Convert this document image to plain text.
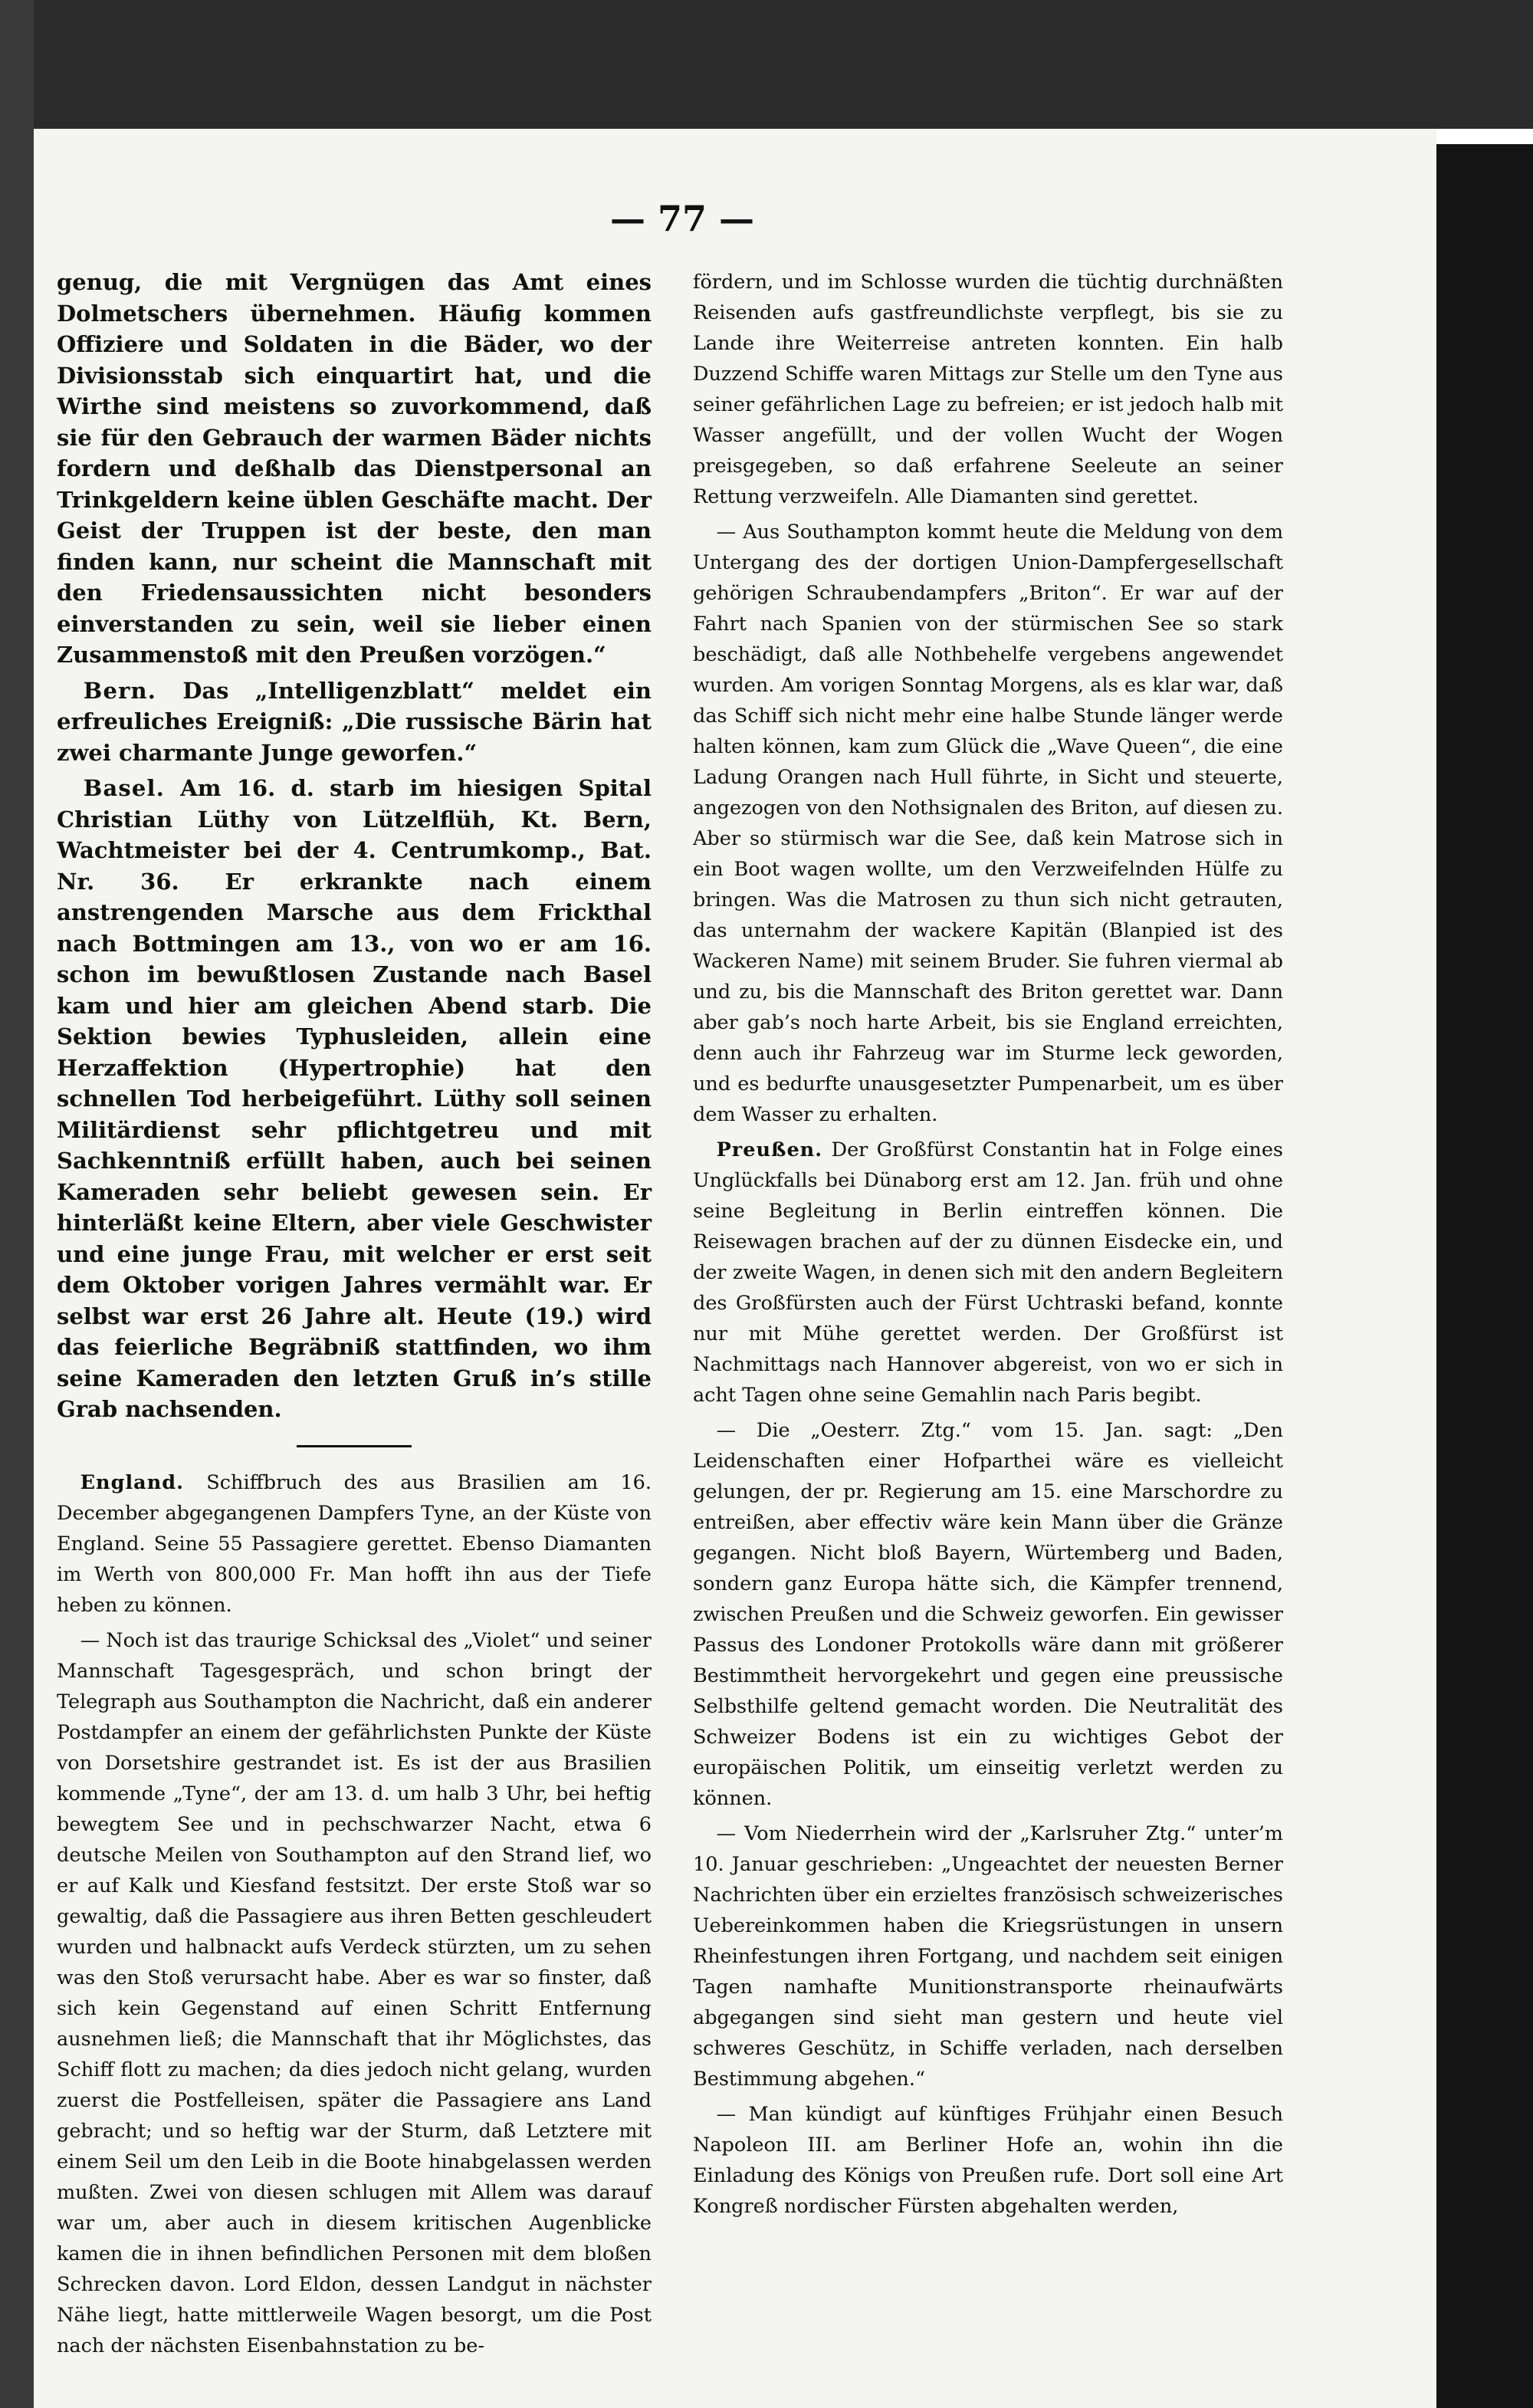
— 77 —

genug, die mit Vergnügen das Amt eines Dolmetschers übernehmen. Häufig kommen Offiziere und Soldaten in die Bäder, wo der Divisionsstab sich einquartirt hat, und die Wirthe sind meistens so zuvorkommend, daß sie für den Gebrauch der warmen Bäder nichts fordern und deßhalb das Dienstpersonal an Trinkgeldern keine üblen Geschäfte macht. Der Geist der Truppen ist der beste, den man finden kann, nur scheint die Mannschaft mit den Friedensaussichten nicht besonders einverstanden zu sein, weil sie lieber einen Zusammenstoß mit den Preußen vorzögen.“

Bern. Das „Intelligenzblatt“ meldet ein erfreuliches Ereigniß: „Die russische Bärin hat zwei charmante Junge geworfen.“

Basel. Am 16. d. starb im hiesigen Spital Christian Lüthy von Lützelflüh, Kt. Bern, Wachtmeister bei der 4. Centrumkomp., Bat. Nr. 36. Er erkrankte nach einem anstrengenden Marsche aus dem Frickthal nach Bottmingen am 13., von wo er am 16. schon im bewußtlosen Zustande nach Basel kam und hier am gleichen Abend starb. Die Sektion bewies Typhusleiden, allein eine Herzaffektion (Hypertrophie) hat den schnellen Tod herbeigeführt. Lüthy soll seinen Militärdienst sehr pflichtgetreu und mit Sachkenntniß erfüllt haben, auch bei seinen Kameraden sehr beliebt gewesen sein. Er hinterläßt keine Eltern, aber viele Geschwister und eine junge Frau, mit welcher er erst seit dem Oktober vorigen Jahres vermählt war. Er selbst war erst 26 Jahre alt. Heute (19.) wird das feierliche Begräbniß stattfinden, wo ihm seine Kameraden den letzten Gruß in’s stille Grab nachsenden.

England. Schiffbruch des aus Brasilien am 16. December abgegangenen Dampfers Tyne, an der Küste von England. Seine 55 Passagiere gerettet. Ebenso Diamanten im Werth von 800,000 Fr. Man hofft ihn aus der Tiefe heben zu können.

— Noch ist das traurige Schicksal des „Violet“ und seiner Mannschaft Tagesgespräch, und schon bringt der Telegraph aus Southampton die Nachricht, daß ein anderer Postdampfer an einem der gefährlichsten Punkte der Küste von Dorsetshire gestrandet ist. Es ist der aus Brasilien kommende „Tyne“, der am 13. d. um halb 3 Uhr, bei heftig bewegtem See und in pechschwarzer Nacht, etwa 6 deutsche Meilen von Southampton auf den Strand lief, wo er auf Kalk und Kiesfand festsitzt. Der erste Stoß war so gewaltig, daß die Passagiere aus ihren Betten geschleudert wurden und halbnackt aufs Verdeck stürzten, um zu sehen was den Stoß verursacht habe. Aber es war so finster, daß sich kein Gegenstand auf einen Schritt Entfernung ausnehmen ließ; die Mannschaft that ihr Möglichstes, das Schiff flott zu machen; da dies jedoch nicht gelang, wurden zuerst die Postfelleisen, später die Passagiere ans Land gebracht; und so heftig war der Sturm, daß Letztere mit einem Seil um den Leib in die Boote hinabgelassen werden mußten. Zwei von diesen schlugen mit Allem was darauf war um, aber auch in diesem kritischen Augenblicke kamen die in ihnen befindlichen Personen mit dem bloßen Schrecken davon. Lord Eldon, dessen Landgut in nächster Nähe liegt, hatte mittlerweile Wagen besorgt, um die Post nach der nächsten Eisenbahnstation zu be-

fördern, und im Schlosse wurden die tüchtig durchnäßten Reisenden aufs gastfreundlichste verpflegt, bis sie zu Lande ihre Weiterreise antreten konnten. Ein halb Duzzend Schiffe waren Mittags zur Stelle um den Tyne aus seiner gefährlichen Lage zu befreien; er ist jedoch halb mit Wasser angefüllt, und der vollen Wucht der Wogen preisgegeben, so daß erfahrene Seeleute an seiner Rettung verzweifeln. Alle Diamanten sind gerettet.

— Aus Southampton kommt heute die Meldung von dem Untergang des der dortigen Union-Dampfergesellschaft gehörigen Schraubendampfers „Briton“. Er war auf der Fahrt nach Spanien von der stürmischen See so stark beschädigt, daß alle Nothbehelfe vergebens angewendet wurden. Am vorigen Sonntag Morgens, als es klar war, daß das Schiff sich nicht mehr eine halbe Stunde länger werde halten können, kam zum Glück die „Wave Queen“, die eine Ladung Orangen nach Hull führte, in Sicht und steuerte, angezogen von den Nothsignalen des Briton, auf diesen zu. Aber so stürmisch war die See, daß kein Matrose sich in ein Boot wagen wollte, um den Verzweifelnden Hülfe zu bringen. Was die Matrosen zu thun sich nicht getrauten, das unternahm der wackere Kapitän (Blanpied ist des Wackeren Name) mit seinem Bruder. Sie fuhren viermal ab und zu, bis die Mannschaft des Briton gerettet war. Dann aber gab’s noch harte Arbeit, bis sie England erreichten, denn auch ihr Fahrzeug war im Sturme leck geworden, und es bedurfte unausgesetzter Pumpenarbeit, um es über dem Wasser zu erhalten.

Preußen. Der Großfürst Constantin hat in Folge eines Unglückfalls bei Dünaborg erst am 12. Jan. früh und ohne seine Begleitung in Berlin eintreffen können. Die Reisewagen brachen auf der zu dünnen Eisdecke ein, und der zweite Wagen, in denen sich mit den andern Begleitern des Großfürsten auch der Fürst Uchtraski befand, konnte nur mit Mühe gerettet werden. Der Großfürst ist Nachmittags nach Hannover abgereist, von wo er sich in acht Tagen ohne seine Gemahlin nach Paris begibt.

— Die „Oesterr. Ztg.“ vom 15. Jan. sagt: „Den Leidenschaften einer Hofparthei wäre es vielleicht gelungen, der pr. Regierung am 15. eine Marschordre zu entreißen, aber effectiv wäre kein Mann über die Gränze gegangen. Nicht bloß Bayern, Würtemberg und Baden, sondern ganz Europa hätte sich, die Kämpfer trennend, zwischen Preußen und die Schweiz geworfen. Ein gewisser Passus des Londoner Protokolls wäre dann mit größerer Bestimmtheit hervorgekehrt und gegen eine preussische Selbsthilfe geltend gemacht worden. Die Neutralität des Schweizer Bodens ist ein zu wichtiges Gebot der europäischen Politik, um einseitig verletzt werden zu können.

— Vom Niederrhein wird der „Karlsruher Ztg.“ unter’m 10. Januar geschrieben: „Ungeachtet der neuesten Berner Nachrichten über ein erzieltes französisch schweizerisches Uebereinkommen haben die Kriegsrüstungen in unsern Rheinfestungen ihren Fortgang, und nachdem seit einigen Tagen namhafte Munitionstransporte rheinaufwärts abgegangen sind sieht man gestern und heute viel schweres Geschütz, in Schiffe verladen, nach derselben Bestimmung abgehen.“

— Man kündigt auf künftiges Frühjahr einen Besuch Napoleon III. am Berliner Hofe an, wohin ihn die Einladung des Königs von Preußen rufe. Dort soll eine Art Kongreß nordischer Fürsten abgehalten werden,
